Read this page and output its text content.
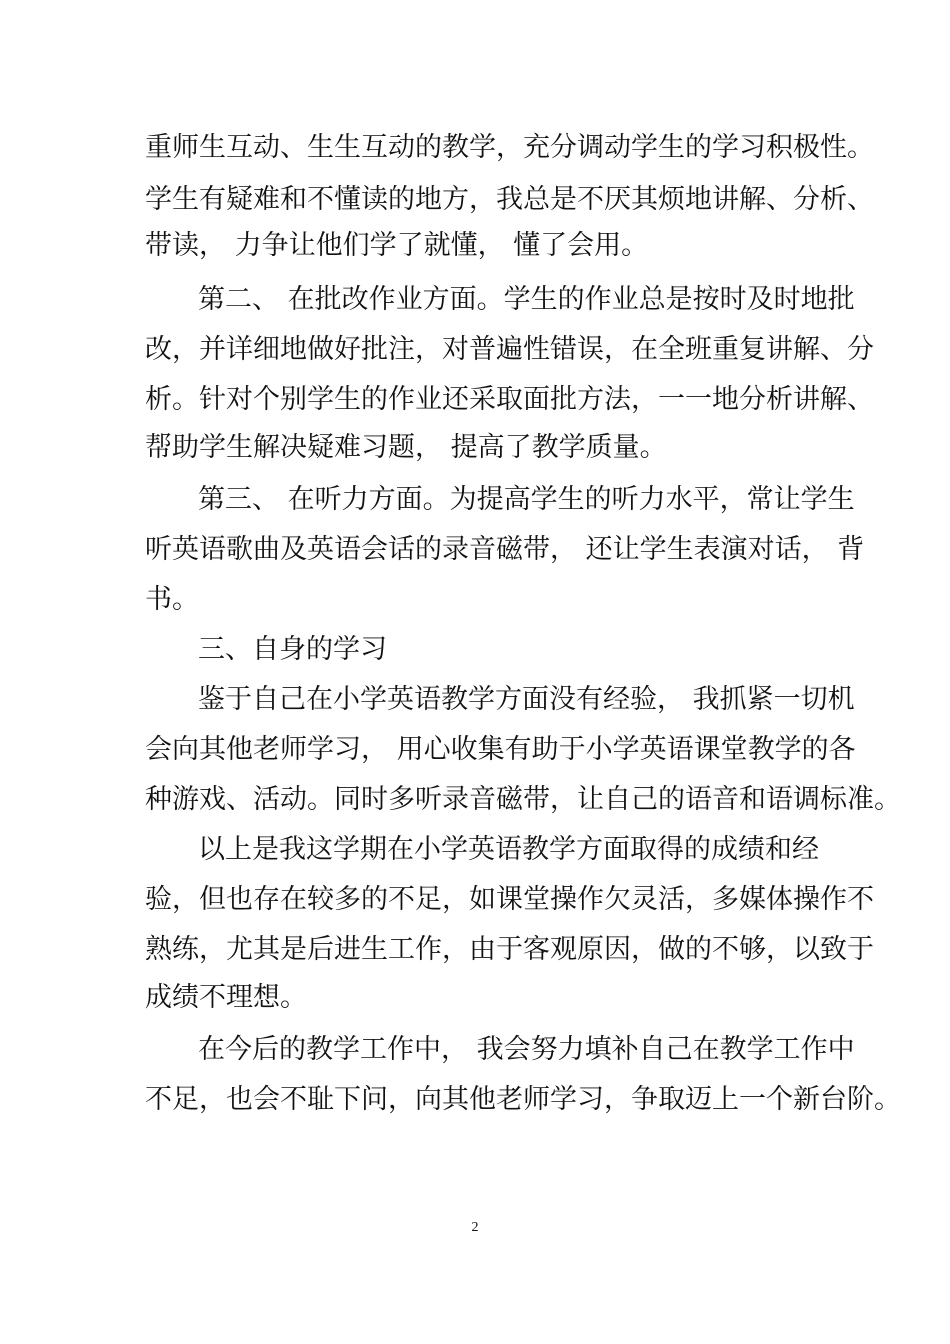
重师生互动、生生互动的教学，充分调动学生的学习积极性。
学生有疑难和不懂读的地方，我总是不厌其烦地讲解、分析、
带读， 力争让他们学了就懂， 懂了会用。
第二、 在批改作业方面。学生的作业总是按时及时地批
改，并详细地做好批注，对普遍性错误，在全班重复讲解、分
析。针对个别学生的作业还采取面批方法，一一地分析讲解、
帮助学生解决疑难习题， 提高了教学质量。
第三、 在听力方面。为提高学生的听力水平，常让学生
听英语歌曲及英语会话的录音磁带， 还让学生表演对话， 背
书。
三、自身的学习
鉴于自己在小学英语教学方面没有经验， 我抓紧一切机
会向其他老师学习， 用心收集有助于小学英语课堂教学的各
种游戏、活动。同时多听录音磁带，让自己的语音和语调标准。
以上是我这学期在小学英语教学方面取得的成绩和经
验，但也存在较多的不足，如课堂操作欠灵活，多媒体操作不
熟练，尤其是后进生工作，由于客观原因，做的不够，以致于
成绩不理想。
在今后的教学工作中， 我会努力填补自己在教学工作中
不足，也会不耻下问，向其他老师学习，争取迈上一个新台阶。
2
